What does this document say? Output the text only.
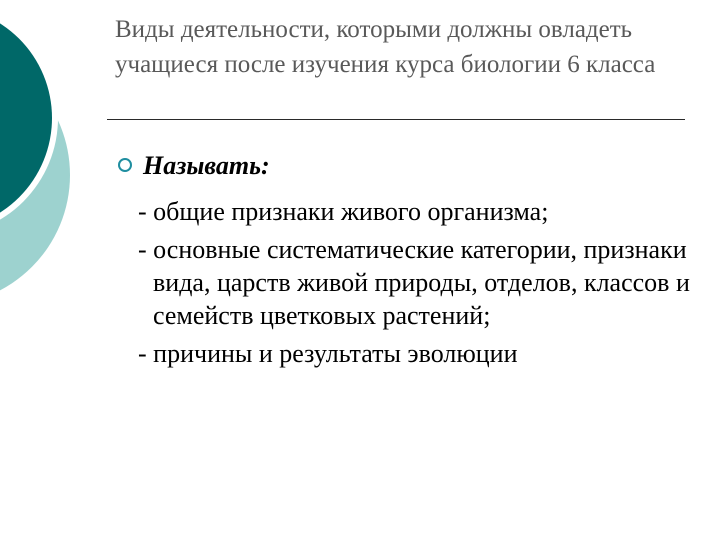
Виды деятельности, которыми должны овладеть учащиеся после изучения курса биологии 6 класса
Называть:
- общие признаки живого организма;
- основные систематические категории, признаки вида, царств живой природы, отделов, классов и семейств цветковых растений;
- причины и результаты эволюции
